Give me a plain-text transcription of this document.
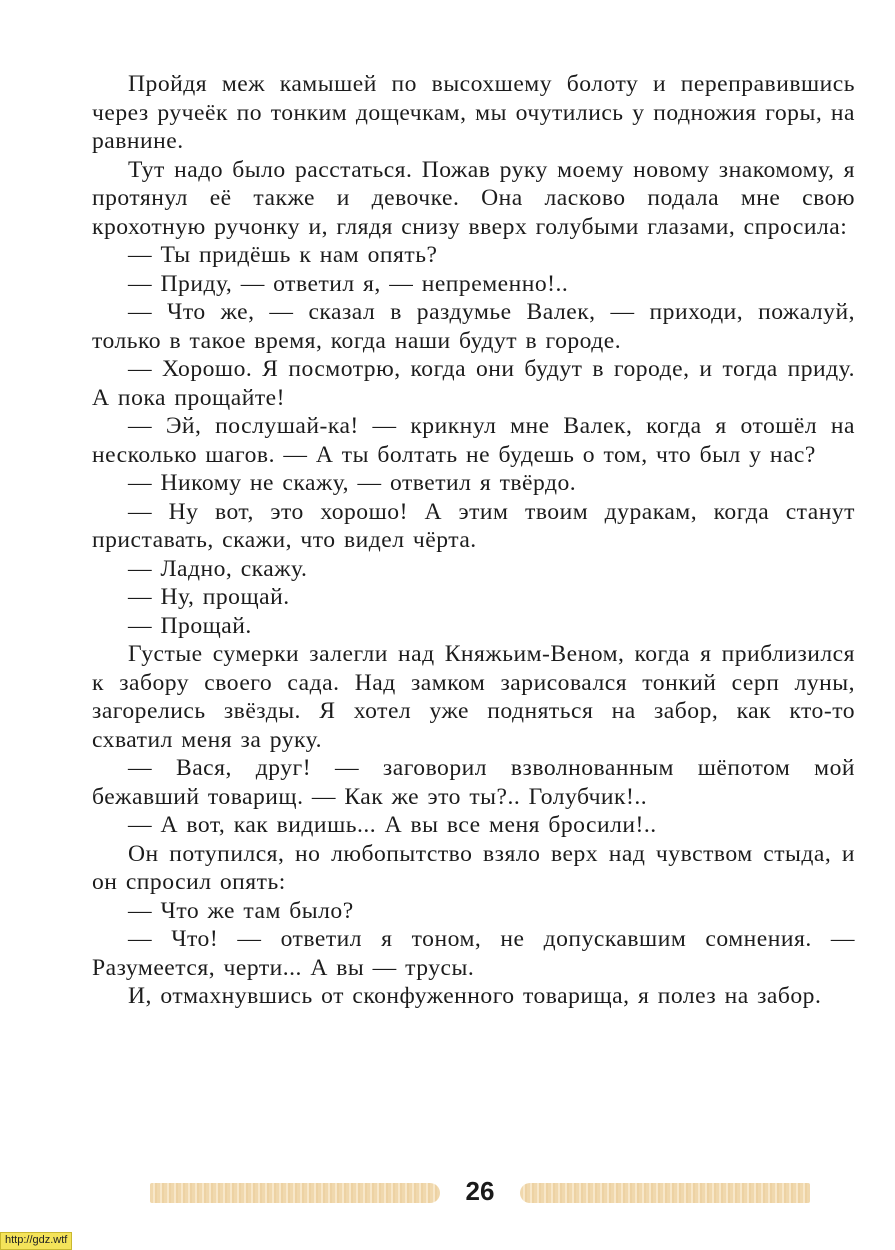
Пройдя меж камышей по высохшему болоту и переправившись через ручеёк по тонким дощечкам, мы очутились у подножия горы, на равнине.

Тут надо было расстаться. Пожав руку моему новому знакомому, я протянул её также и девочке. Она ласково подала мне свою крохотную ручонку и, глядя снизу вверх голубыми глазами, спросила:

— Ты придёшь к нам опять?

— Приду, — ответил я, — непременно!..

— Что же, — сказал в раздумье Валек, — приходи, пожалуй, только в такое время, когда наши будут в городе.

— Хорошо. Я посмотрю, когда они будут в городе, и тогда приду. А пока прощайте!

— Эй, послушай-ка! — крикнул мне Валек, когда я отошёл на несколько шагов. — А ты болтать не будешь о том, что был у нас?

— Никому не скажу, — ответил я твёрдо.

— Ну вот, это хорошо! А этим твоим дуракам, когда станут приставать, скажи, что видел чёрта.

— Ладно, скажу.

— Ну, прощай.

— Прощай.

Густые сумерки залегли над Княжьим-Веном, когда я приблизился к забору своего сада. Над замком зарисовался тонкий серп луны, загорелись звёзды. Я хотел уже подняться на забор, как кто-то схватил меня за руку.

— Вася, друг! — заговорил взволнованным шёпотом мой бежавший товарищ. — Как же это ты?.. Голубчик!..

— А вот, как видишь... А вы все меня бросили!..

Он потупился, но любопытство взяло верх над чувством стыда, и он спросил опять:

— Что же там было?

— Что! — ответил я тоном, не допускавшим сомнения. — Разумеется, черти... А вы — трусы.

И, отмахнувшись от сконфуженного товарища, я полез на забор.

26
http://gdz.wtf
